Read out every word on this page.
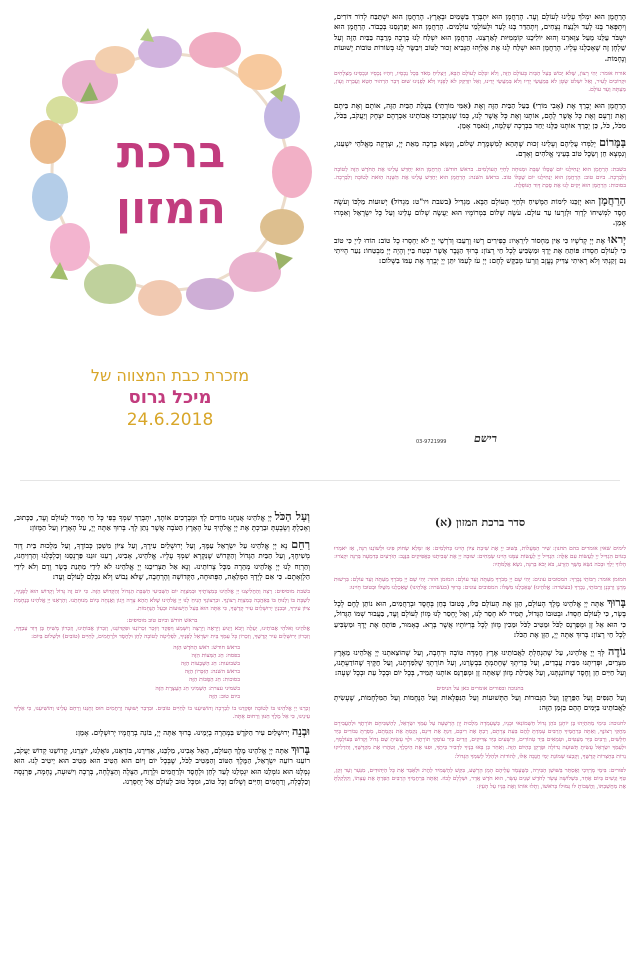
ברכת
המזון
מזכרת כבת המצווה של
מיכל גרוס
24.6.2018
הָרַחֲמָן הוּא יִמְלֹךְ עָלֵינוּ לְעוֹלָם וָעֶד. הָרַחֲמָן הוּא יִתְבָּרַךְ בַּשָּׁמַיִם וּבָאָרֶץ. הָרַחֲמָן הוּא יִשְׁתַּבַּח לְדוֹר דּוֹרִים, וְיִתְפָּאַר בָּנוּ לָעַד וּלְנֵצַח נְצָחִים, וְיִתְהַדַּר בָּנוּ לָעַד וּלְעוֹלְמֵי עוֹלָמִים. הָרַחֲמָן הוּא יְפַרְנְסֵנוּ בְּכָבוֹד. הָרַחֲמָן הוּא יִשְׁבֹּר עֻלֵּנוּ מֵעַל צַוָּארֵנוּ וְהוּא יוֹלִיכֵנוּ קוֹמְמִיּוּת לְאַרְצֵנוּ. הָרַחֲמָן הוּא יִשְׁלַח לָנוּ בְּרָכָה מְרֻבָּה בַּבַּיִת הַזֶּה וְעַל שֻׁלְחָן זֶה שֶׁאָכַלְנוּ עָלָיו. הָרַחֲמָן הוּא יִשְׁלַח לָנוּ אֶת אֵלִיָּהוּ הַנָּבִיא זָכוּר לַטּוֹב וִיבַשֶּׂר לָנוּ בְּשׂוֹרוֹת טוֹבוֹת יְשׁוּעוֹת וְנֶחָמוֹת.
אורח אומר: יְהִי רָצוֹן, שֶׁלֹּא יֵבוֹשׁ בַּעַל הַבַּיִת בָּעוֹלָם הַזֶּה, וְלֹא יִכָּלֵם לָעוֹלָם הַבָּא, וְיַצְלִיחַ מְאֹד בְּכָל נְכָסָיו, וְיִהְיוּ נְכָסָיו וּנְכָסֵינוּ מֻצְלָחִים וּקְרוֹבִים לָעִיר, וְאַל יִשְׁלֹט שָׂטָן לֹא בְּמַעֲשֵׂי יָדָיו וְלֹא בְּמַעֲשֵׂי יָדֵינוּ, וְאַל יִזְדַּקֵּק לֹא לְפָנָיו וְלֹא לְפָנֵינוּ שׁוּם דְּבַר הִרְהוּר חֵטְא וַעֲבֵרָה וְעָוֹן, מֵעַתָּה וְעַד עוֹלָם.
הָרַחֲמָן הוּא יְבָרֵךְ אֶת (אָבִי מוֹרִי) בַּעַל הַבַּיִת הַזֶּה וְאֶת (אִמִּי מוֹרָתִי) בַּעֲלַת הַבַּיִת הַזֶּה, אוֹתָם וְאֶת בֵּיתָם וְאֶת זַרְעָם וְאֶת כָּל אֲשֶׁר לָהֶם, אוֹתָנוּ וְאֶת כָּל אֲשֶׁר לָנוּ, כְּמוֹ שֶׁנִּתְבָּרְכוּ אֲבוֹתֵינוּ אַבְרָהָם יִצְחָק וְיַעֲקֹב, בַּכֹּל, מִכֹּל, כֹּל, כֵּן יְבָרֵךְ אוֹתָנוּ כֻּלָּנוּ יַחַד בִּבְרָכָה שְׁלֵמָה, וְנֹאמַר אָמֵן.
בַּמָּרוֹם יְלַמְּדוּ עֲלֵיהֶם וְעָלֵינוּ זְכוּת שֶׁתְּהֵא לְמִשְׁמֶרֶת שָׁלוֹם, וְנִשָּׂא בְרָכָה מֵאֵת יְיָ, וּצְדָקָה מֵאֱלֹהֵי יִשְׁעֵנוּ, וְנִמְצָא חֵן וְשֵׂכֶל טוֹב בְּעֵינֵי אֱלֹהִים וְאָדָם.
בשבת: הָרַחֲמָן הוּא יַנְחִילֵנוּ יוֹם שֶׁכֻּלּוֹ שַׁבָּת וּמְנוּחָה לְחַיֵּי הָעוֹלָמִים. בראש חודש: הָרַחֲמָן הוּא יְחַדֵּשׁ עָלֵינוּ אֶת הַחֹדֶשׁ הַזֶּה לְטוֹבָה וְלִבְרָכָה. ביום טוב: הָרַחֲמָן הוּא יַנְחִילֵנוּ יוֹם שֶׁכֻּלּוֹ טוֹב. בראש השנה: הָרַחֲמָן הוּא יְחַדֵּשׁ עָלֵינוּ אֶת הַשָּׁנָה הַזֹּאת לְטוֹבָה וְלִבְרָכָה. בסוכות: הָרַחֲמָן הוּא יָקִים לָנוּ אֶת סֻכַּת דָּוִד הַנּוֹפָלֶת.
הָרַחֲמָן הוּא יְזַכֵּנוּ לִימוֹת הַמָּשִׁיחַ וּלְחַיֵּי הָעוֹלָם הַבָּא. מַגְדִּיל (בשבת ויו"ט: מִגְדּוֹל) יְשׁוּעוֹת מַלְכּוֹ וְעֹשֶׂה חֶסֶד לִמְשִׁיחוֹ לְדָוִד וּלְזַרְעוֹ עַד עוֹלָם. עֹשֶׂה שָׁלוֹם בִּמְרוֹמָיו הוּא יַעֲשֶׂה שָׁלוֹם עָלֵינוּ וְעַל כָּל יִשְׂרָאֵל וְאִמְרוּ אָמֵן.
יְראוּ אֶת יְיָ קְדֹשָׁיו כִּי אֵין מַחְסוֹר לִירֵאָיו: כְּפִירִים רָשׁוּ וְרָעֵבוּ וְדֹרְשֵׁי יְיָ לֹא יַחְסְרוּ כָל טוֹב: הוֹדוּ לַייָ כִּי טוֹב כִּי לְעוֹלָם חַסְדּוֹ: פּוֹתֵחַ אֶת יָדֶךָ וּמַשְׂבִּיעַ לְכָל חַי רָצוֹן: בָּרוּךְ הַגֶּבֶר אֲשֶׁר יִבְטַח בַּייָ וְהָיָה יְיָ מִבְטַחוֹ: נַעַר הָיִיתִי גַּם זָקַנְתִּי וְלֹא רָאִיתִי צַדִּיק נֶעֱזָב וְזַרְעוֹ מְבַקֶּשׁ לָחֶם: יְיָ עֹז לְעַמּוֹ יִתֵּן יְיָ יְבָרֵךְ אֶת עַמּוֹ בַשָּׁלוֹם:
03-9721999	רישם
סדר ברכת המזון (א)
לימים שאין אומרים בהם תחנון: שִׁיר הַמַּעֲלוֹת, בְּשׁוּב יְיָ אֶת שִׁיבַת צִיּוֹן הָיִינוּ כְּחֹלְמִים: אָז יִמָּלֵא שְׂחוֹק פִּינוּ וּלְשׁוֹנֵנוּ רִנָּה, אָז יֹאמְרוּ בַגּוֹיִם הִגְדִּיל יְיָ לַעֲשׂוֹת עִם אֵלֶּה: הִגְדִּיל יְיָ לַעֲשׂוֹת עִמָּנוּ הָיִינוּ שְׂמֵחִים: שׁוּבָה יְיָ אֶת שְׁבִיתֵנוּ כַּאֲפִיקִים בַּנֶּגֶב: הַזֹּרְעִים בְּדִמְעָה בְּרִנָּה יִקְצֹרוּ: הָלוֹךְ יֵלֵךְ וּבָכֹה נֹשֵׂא מֶשֶׁךְ הַזָּרַע, בֹּא יָבֹא בְרִנָּה, נֹשֵׂא אֲלֻמֹּתָיו:
המזמן אומר: רַבּוֹתַי נְבָרֵךְ: המסובים עונים: יְהִי שֵׁם יְיָ מְבֹרָךְ מֵעַתָּה וְעַד עוֹלָם: המזמן חוזר: יְהִי שֵׁם יְיָ מְבֹרָךְ מֵעַתָּה וְעַד עוֹלָם: בִּרְשׁוּת מָרָנָן וְרַבָּנָן וְרַבּוֹתַי, נְבָרֵךְ (בעשרה: אֱלֹהֵינוּ) שֶׁאָכַלְנוּ מִשֶּׁלּוֹ: המסובים עונים: בָּרוּךְ (בעשרה: אֱלֹהֵינוּ) שֶׁאָכַלְנוּ מִשֶּׁלּוֹ וּבְטוּבוֹ חָיִינוּ:
בָּרוּךְ אַתָּה יְיָ אֱלֹהֵינוּ מֶלֶךְ הָעוֹלָם, הַזָּן אֶת הָעוֹלָם כֻּלּוֹ, בְּטוּבוֹ בְּחֵן בְּחֶסֶד וּבְרַחֲמִים, הוּא נוֹתֵן לֶחֶם לְכָל בָּשָׂר, כִּי לְעוֹלָם חַסְדּוֹ. וּבְטוּבוֹ הַגָּדוֹל, תָּמִיד לֹא חָסַר לָנוּ, וְאַל יֶחְסַר לָנוּ מָזוֹן לְעוֹלָם וָעֶד, בַּעֲבוּר שְׁמוֹ הַגָּדוֹל, כִּי הוּא אֵל זָן וּמְפַרְנֵס לַכֹּל וּמֵטִיב לַכֹּל וּמֵכִין מָזוֹן לְכָל בְּרִיּוֹתָיו אֲשֶׁר בָּרָא. כָּאָמוּר, פּוֹתֵחַ אֶת יָדֶךָ וּמַשְׂבִּיעַ לְכָל חַי רָצוֹן: בָּרוּךְ אַתָּה יְיָ, הַזָּן אֶת הַכֹּל:
נוֹדֶה לְּךָ יְיָ אֱלֹהֵינוּ, עַל שֶׁהִנְחַלְתָּ לַאֲבוֹתֵינוּ אֶרֶץ חֶמְדָּה טוֹבָה וּרְחָבָה, וְעַל שֶׁהוֹצֵאתָנוּ יְיָ אֱלֹהֵינוּ מֵאֶרֶץ מִצְרַיִם, וּפְדִיתָנוּ מִבֵּית עֲבָדִים, וְעַל בְּרִיתְךָ שֶׁחָתַמְתָּ בִּבְשָׂרֵנוּ, וְעַל תּוֹרָתְךָ שֶׁלִּמַּדְתָּנוּ, וְעַל חֻקֶּיךָ שֶׁהוֹדַעְתָּנוּ, וְעַל חַיִּים חֵן וָחֶסֶד שֶׁחוֹנַנְתָּנוּ, וְעַל אֲכִילַת מָזוֹן שָׁאַתָּה זָן וּמְפַרְנֵס אוֹתָנוּ תָּמִיד, בְּכָל יוֹם וּבְכָל עֵת וּבְכָל שָׁעָה:
בחנוכה ובפורים אומרים כאן על הניסים
וְעַל הַנִּסִּים וְעַל הַפֻּרְקָן וְעַל הַגְּבוּרוֹת וְעַל הַתְּשׁוּעוֹת וְעַל הַנִּפְלָאוֹת וְעַל הַנֶּחָמוֹת וְעַל הַמִּלְחָמוֹת, שֶׁעָשִׂיתָ לַאֲבוֹתֵינוּ בַּיָּמִים הָהֵם בַּזְּמַן הַזֶּה:
לחנוכה: בִּימֵי מַתִּתְיָהוּ בֶּן יוֹחָנָן כֹּהֵן גָּדוֹל חַשְׁמוֹנַאי וּבָנָיו, כְּשֶׁעָמְדָה מַלְכוּת יָוָן הָרְשָׁעָה עַל עַמְּךָ יִשְׂרָאֵל, לְהַשְׁכִּיחָם תּוֹרָתֶךָ וּלְהַעֲבִירָם מֵחֻקֵּי רְצוֹנֶךָ, וְאַתָּה בְּרַחֲמֶיךָ הָרַבִּים עָמַדְתָּ לָהֶם בְּעֵת צָרָתָם, רַבְתָּ אֶת רִיבָם, דַּנְתָּ אֶת דִּינָם, נָקַמְתָּ אֶת נִקְמָתָם, מָסַרְתָּ גִבּוֹרִים בְּיַד חַלָּשִׁים, וְרַבִּים בְּיַד מְעַטִּים, וּטְמֵאִים בְּיַד טְהוֹרִים, וּרְשָׁעִים בְּיַד צַדִּיקִים, וְזֵדִים בְּיַד עוֹסְקֵי תוֹרָתֶךָ. וּלְךָ עָשִׂיתָ שֵׁם גָּדוֹל וְקָדוֹשׁ בְּעוֹלָמֶךָ, וּלְעַמְּךָ יִשְׂרָאֵל עָשִׂיתָ תְּשׁוּעָה גְדוֹלָה וּפֻרְקָן כְּהַיּוֹם הַזֶּה. וְאַחַר כֵּן בָּאוּ בָנֶיךָ לִדְבִיר בֵּיתֶךָ, וּפִנּוּ אֶת הֵיכָלֶךָ, וְטִהֲרוּ אֶת מִקְדָּשֶׁךָ, וְהִדְלִיקוּ נֵרוֹת בְּחַצְרוֹת קָדְשֶׁךָ, וְקָבְעוּ שְׁמוֹנַת יְמֵי חֲנֻכָּה אֵלּוּ, לְהוֹדוֹת וּלְהַלֵּל לְשִׁמְךָ הַגָּדוֹל:
לפורים: בִּימֵי מָרְדְּכַי וְאֶסְתֵּר בְּשׁוּשַׁן הַבִּירָה, כְּשֶׁעָמַד עֲלֵיהֶם הָמָן הָרָשָׁע, בִּקֵּשׁ לְהַשְׁמִיד לַהֲרֹג וּלְאַבֵּד אֶת כָּל הַיְּהוּדִים, מִנַּעַר וְעַד זָקֵן, טַף וְנָשִׁים בְּיוֹם אֶחָד, בִּשְׁלוֹשָׁה עָשָׂר לְחֹדֶשׁ שְׁנֵים עָשָׂר, הוּא חֹדֶשׁ אֲדָר, וּשְׁלָלָם לָבוֹז. וְאַתָּה בְּרַחֲמֶיךָ הָרַבִּים הֵפַרְתָּ אֶת עֲצָתוֹ, וְקִלְקַלְתָּ אֶת מַחֲשַׁבְתּוֹ, וַהֲשֵׁבוֹתָ לּוֹ גְּמוּלוֹ בְּרֹאשׁוֹ, וְתָלוּ אוֹתוֹ וְאֶת בָּנָיו עַל הָעֵץ:
וְעַל הַכֹּל יְיָ אֱלֹהֵינוּ אֲנַחְנוּ מוֹדִים לָךְ וּמְבָרְכִים אוֹתָךְ, יִתְבָּרַךְ שִׁמְךָ בְּפִי כָּל חַי תָּמִיד לְעוֹלָם וָעֶד, כַּכָּתוּב, וְאָכַלְתָּ וְשָׂבָעְתָּ וּבֵרַכְתָּ אֶת יְיָ אֱלֹהֶיךָ עַל הָאָרֶץ הַטֹּבָה אֲשֶׁר נָתַן לָךְ. בָּרוּךְ אַתָּה יְיָ, עַל הָאָרֶץ וְעַל הַמָּזוֹן:
רַחֵם נָא יְיָ אֱלֹהֵינוּ עַל יִשְׂרָאֵל עַמֶּךָ, וְעַל יְרוּשָׁלַיִם עִירֶךָ, וְעַל צִיּוֹן מִשְׁכַּן כְּבוֹדֶךָ, וְעַל מַלְכוּת בֵּית דָּוִד מְשִׁיחֶךָ, וְעַל הַבַּיִת הַגָּדוֹל וְהַקָּדוֹשׁ שֶׁנִּקְרָא שִׁמְךָ עָלָיו. אֱלֹהֵינוּ, אָבִינוּ, רְעֵנוּ זוּנֵנוּ פַּרְנְסֵנוּ וְכַלְכְּלֵנוּ וְהַרְוִיחֵנוּ, וְהַרְוַח לָנוּ יְיָ אֱלֹהֵינוּ מְהֵרָה מִכָּל צָרוֹתֵינוּ. וְנָא אַל תַּצְרִיכֵנוּ יְיָ אֱלֹהֵינוּ לֹא לִידֵי מַתְּנַת בָּשָׂר וָדָם וְלֹא לִידֵי הַלְוָאָתָם. כִּי אִם לְיָדְךָ הַמְּלֵאָה, הַפְּתוּחָה, הַקְּדוֹשָׁה וְהָרְחָבָה, שֶׁלֹּא נֵבוֹשׁ וְלֹא נִכָּלֵם לְעוֹלָם וָעֶד:
בשבת מוסיפים: רְצֵה וְהַחֲלִיצֵנוּ יְיָ אֱלֹהֵינוּ בְּמִצְוֹתֶיךָ וּבְמִצְוַת יוֹם הַשְּׁבִיעִי הַשַּׁבָּת הַגָּדוֹל וְהַקָּדוֹשׁ הַזֶּה. כִּי יוֹם זֶה גָּדוֹל וְקָדוֹשׁ הוּא לְפָנֶיךָ, לִשְׁבָּת בּוֹ וְלָנוּחַ בּוֹ בְּאַהֲבָה כְּמִצְוַת רְצוֹנֶךָ. וּבִרְצוֹנְךָ הָנִיחַ לָנוּ יְיָ אֱלֹהֵינוּ שֶׁלֹּא תְהֵא צָרָה וְיָגוֹן וַאֲנָחָה בְּיוֹם מְנוּחָתֵנוּ. וְהַרְאֵנוּ יְיָ אֱלֹהֵינוּ בְּנֶחָמַת צִיּוֹן עִירֶךָ, וּבְבִנְיַן יְרוּשָׁלַיִם עִיר קָדְשֶׁךָ, כִּי אַתָּה הוּא בַּעַל הַיְשׁוּעוֹת וּבַעַל הַנֶּחָמוֹת.
בראש חודש וביום טוב מוסיפים:
אֱלֹהֵינוּ וֵאלֹהֵי אֲבוֹתֵינוּ, יַעֲלֶה וְיָבֹא וְיַגִּיעַ וְיֵרָאֶה וְיֵרָצֶה וְיִשָּׁמַע וְיִפָּקֵד וְיִזָּכֵר זִכְרוֹנֵנוּ וּפִקְדּוֹנֵנוּ, וְזִכְרוֹן אֲבוֹתֵינוּ, וְזִכְרוֹן מָשִׁיחַ בֶּן דָּוִד עַבְדֶּךָ, וְזִכְרוֹן יְרוּשָׁלַיִם עִיר קָדְשֶׁךָ, וְזִכְרוֹן כָּל עַמְּךָ בֵּית יִשְׂרָאֵל לְפָנֶיךָ, לִפְלֵיטָה לְטוֹבָה לְחֵן וּלְחֶסֶד וּלְרַחֲמִים, לְחַיִּים (טוֹבִים) וּלְשָׁלוֹם בְּיוֹם:
בראש חודש: רֹאשׁ הַחֹדֶשׁ הַזֶּה
בפסח: חַג הַמַּצּוֹת הַזֶּה
בשבועות: חַג הַשָּׁבֻעוֹת הַזֶּה
בראש השנה: הַזִּכָּרוֹן הַזֶּה
בסוכות: חַג הַסֻּכּוֹת הַזֶּה
בשמיני עצרת: הַשְּׁמִינִי חַג הָעֲצֶרֶת הַזֶּה
ביום טוב: הַזֶּה
זָכְרֵנוּ יְיָ אֱלֹהֵינוּ בּוֹ לְטוֹבָה וּפָקְדֵנוּ בוֹ לִבְרָכָה וְהוֹשִׁיעֵנוּ בוֹ לְחַיִּים טוֹבִים. וּבִדְבַר יְשׁוּעָה וְרַחֲמִים חוּס וְחָנֵּנוּ וְרַחֵם עָלֵינוּ וְהוֹשִׁיעֵנוּ, כִּי אֵלֶיךָ עֵינֵינוּ, כִּי אֵל מֶלֶךְ חַנּוּן וְרַחוּם אָתָּה.
וּבְנֵה יְרוּשָׁלַיִם עִיר הַקֹּדֶשׁ בִּמְהֵרָה בְיָמֵינוּ. בָּרוּךְ אַתָּה יְיָ, בּוֹנֵה בְרַחֲמָיו יְרוּשָׁלָיִם. אָמֵן:
בָּרוּךְ אַתָּה יְיָ אֱלֹהֵינוּ מֶלֶךְ הָעוֹלָם, הָאֵל אָבִינוּ, מַלְכֵּנוּ, אַדִּירֵנוּ, בּוֹרְאֵנוּ, גּוֹאֲלֵנוּ, יוֹצְרֵנוּ, קְדוֹשֵׁנוּ קְדוֹשׁ יַעֲקֹב, רוֹעֵנוּ רוֹעֵה יִשְׂרָאֵל, הַמֶּלֶךְ הַטּוֹב וְהַמֵּטִיב לַכֹּל, שֶׁבְּכָל יוֹם וָיוֹם הוּא הֵטִיב הוּא מֵטִיב הוּא יֵיטִיב לָנוּ. הוּא גְמָלָנוּ הוּא גוֹמְלֵנוּ הוּא יִגְמְלֵנוּ לָעַד לְחֵן וּלְחֶסֶד וּלְרַחֲמִים וּלְרֶוַח, הַצָּלָה וְהַצְלָחָה, בְּרָכָה וִישׁוּעָה, נֶחָמָה, פַּרְנָסָה וְכַלְכָּלָה, וְרַחֲמִים וְחַיִּים וְשָׁלוֹם וְכָל טוֹב, וּמִכָּל טוּב לְעוֹלָם אַל יְחַסְּרֵנוּ.
